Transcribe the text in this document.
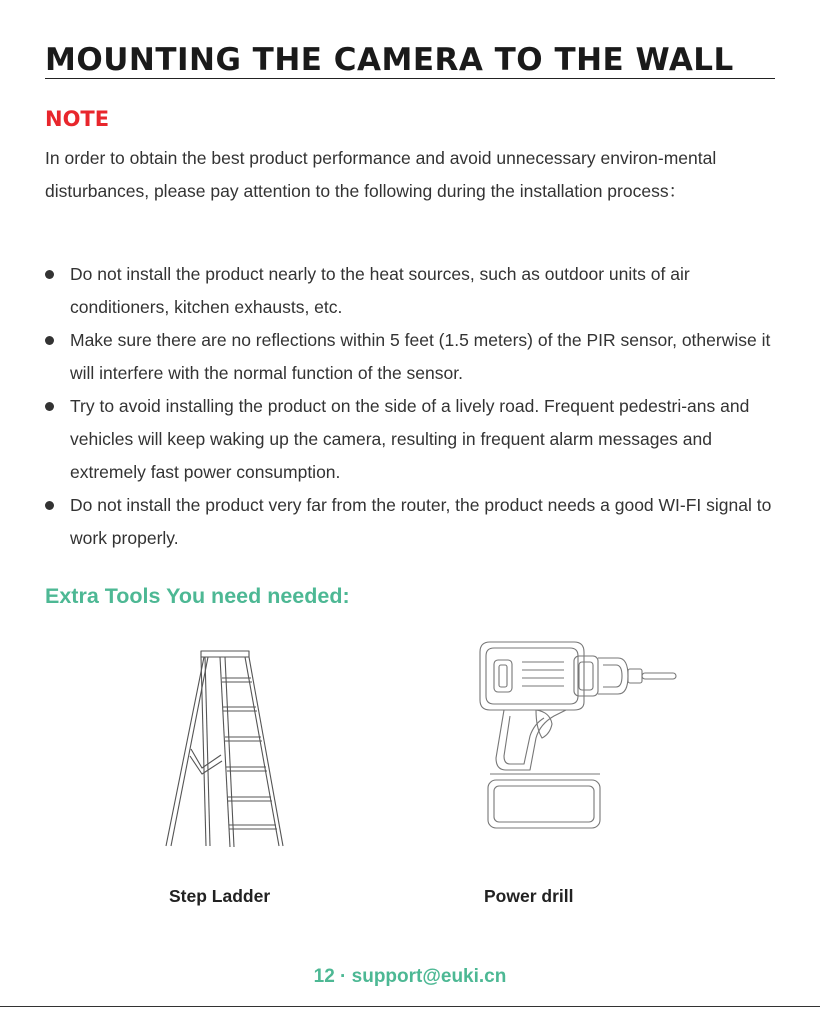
MOUNTING THE CAMERA TO THE WALL
NOTE

In order to obtain the best product performance and avoid unnecessary environ-mental disturbances, please pay attention to the following during the installation process：

Do not install the product nearly to the heat sources, such as outdoor units of air conditioners, kitchen exhausts, etc.
Make sure there are no reflections within 5 feet (1.5 meters) of the PIR sensor, otherwise it will interfere with the normal function of the sensor.
Try to avoid installing the product on the side of a lively road. Frequent pedestri-ans and vehicles will keep waking up the camera, resulting in frequent alarm messages and extremely fast power consumption.
Do not install the product very far from the router, the product needs a good WI-FI signal to work properly.
Extra Tools You need needed:
Step Ladder	Power drill
12 · support@euki.cn
